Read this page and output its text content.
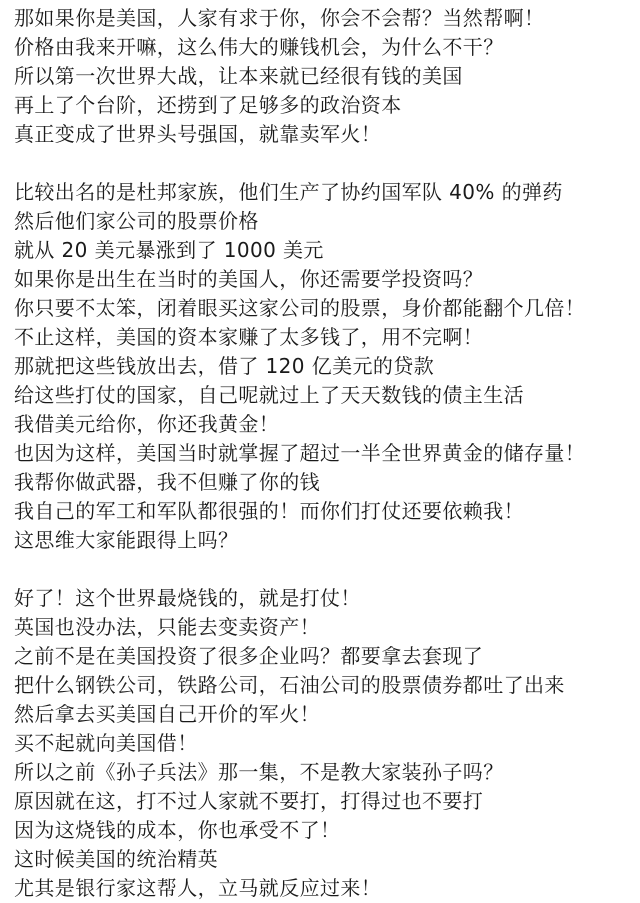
那如果你是美国，人家有求于你，你会不会帮？当然帮啊！
价格由我来开嘛，这么伟大的赚钱机会，为什么不干？
所以第一次世界大战，让本来就已经很有钱的美国
再上了个台阶，还捞到了足够多的政治资本
真正变成了世界头号强国，就靠卖军火！
比较出名的是杜邦家族，他们生产了协约国军队 40% 的弹药
然后他们家公司的股票价格
就从 20 美元暴涨到了 1000 美元
如果你是出生在当时的美国人，你还需要学投资吗？
你只要不太笨，闭着眼买这家公司的股票，身价都能翻个几倍！
不止这样，美国的资本家赚了太多钱了，用不完啊！
那就把这些钱放出去，借了 120 亿美元的贷款
给这些打仗的国家，自己呢就过上了天天数钱的债主生活
我借美元给你，你还我黄金！
也因为这样，美国当时就掌握了超过一半全世界黄金的储存量！
我帮你做武器，我不但赚了你的钱
我自己的军工和军队都很强的！而你们打仗还要依赖我！
这思维大家能跟得上吗？
好了！这个世界最烧钱的，就是打仗！
英国也没办法，只能去变卖资产！
之前不是在美国投资了很多企业吗？都要拿去套现了
把什么钢铁公司，铁路公司，石油公司的股票债券都吐了出来
然后拿去买美国自己开价的军火！
买不起就向美国借！
所以之前《孙子兵法》那一集，不是教大家装孙子吗？
原因就在这，打不过人家就不要打，打得过也不要打
因为这烧钱的成本，你也承受不了！
这时候美国的统治精英
尤其是银行家这帮人，立马就反应过来！
